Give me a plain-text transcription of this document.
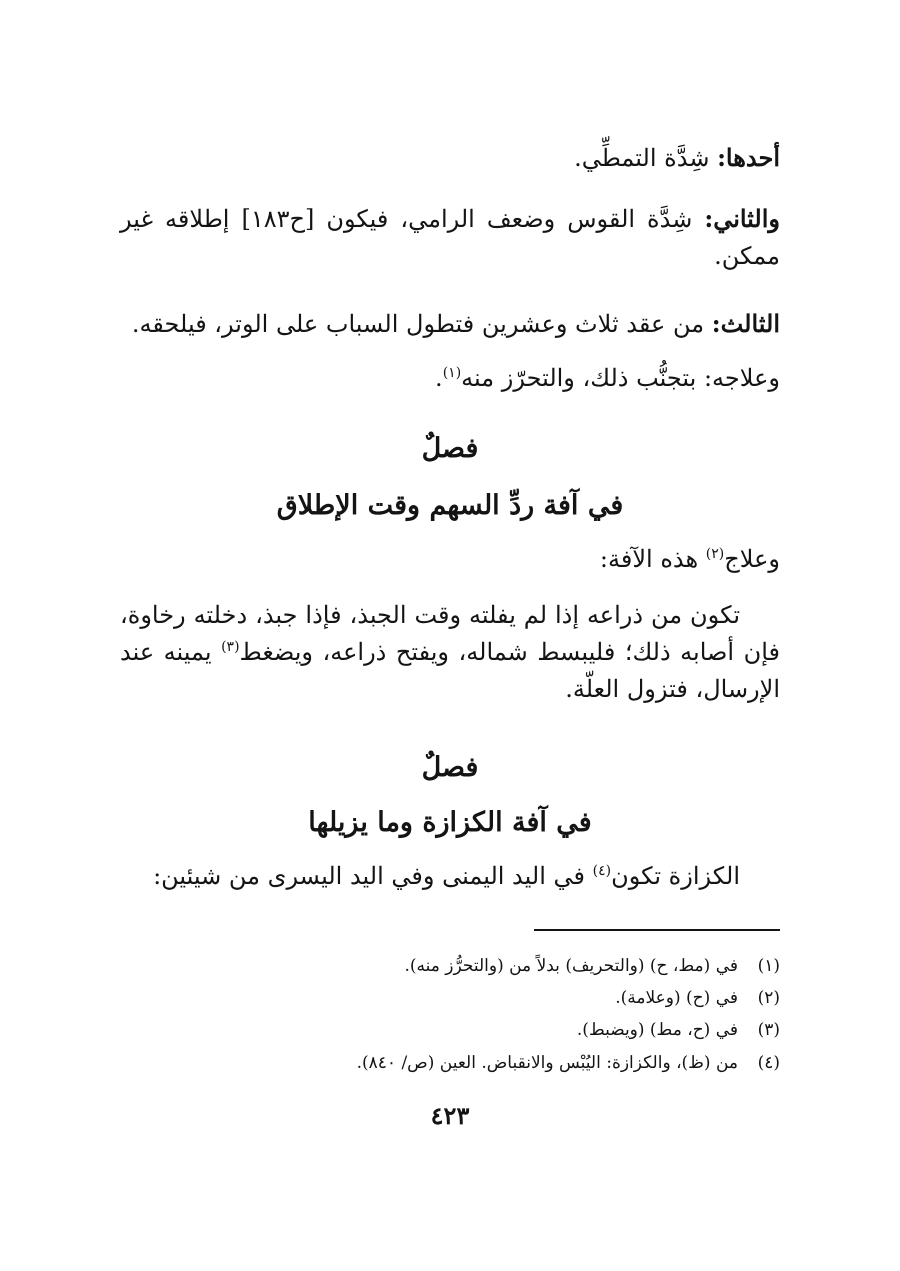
أحدها: شِدَّة التمطِّي.
والثاني: شِدَّة القوس وضعف الرامي، فيكون [ح١٨٣] إطلاقه غير ممكن.
الثالث: من عقد ثلاث وعشرين فتطول السباب على الوتر، فيلحقه.
وعلاجه: بتجنُّب ذلك، والتحرّز منه$^{(١)}$.
فصلٌ
في آفة ردِّ السهم وقت الإطلاق
وعلاج$^{(٢)}$ هذه الآفة:
تكون من ذراعه إذا لم يفلته وقت الجبذ، فإذا جبذ، دخلته رخاوة، فإن أصابه ذلك؛ فليبسط شماله، ويفتح ذراعه، ويضغط$^{(٣)}$ يمينه عند الإرسال، فتزول العلّة.
فصلٌ
في آفة الكزازة وما يزيلها
الكزازة تكون$^{(٤)}$ في اليد اليمنى وفي اليد اليسرى من شيئين:
(١)في (مط، ح) (والتحريف) بدلاً من (والتحرُّز منه).
(٢)في (ح) (وعلامة).
(٣)في (ح، مط) (ويضبط).
(٤)من (ظ)، والكزازة: اليُبْس والانقباض. العين (ص/ ٨٤٠).
٤٢٣
